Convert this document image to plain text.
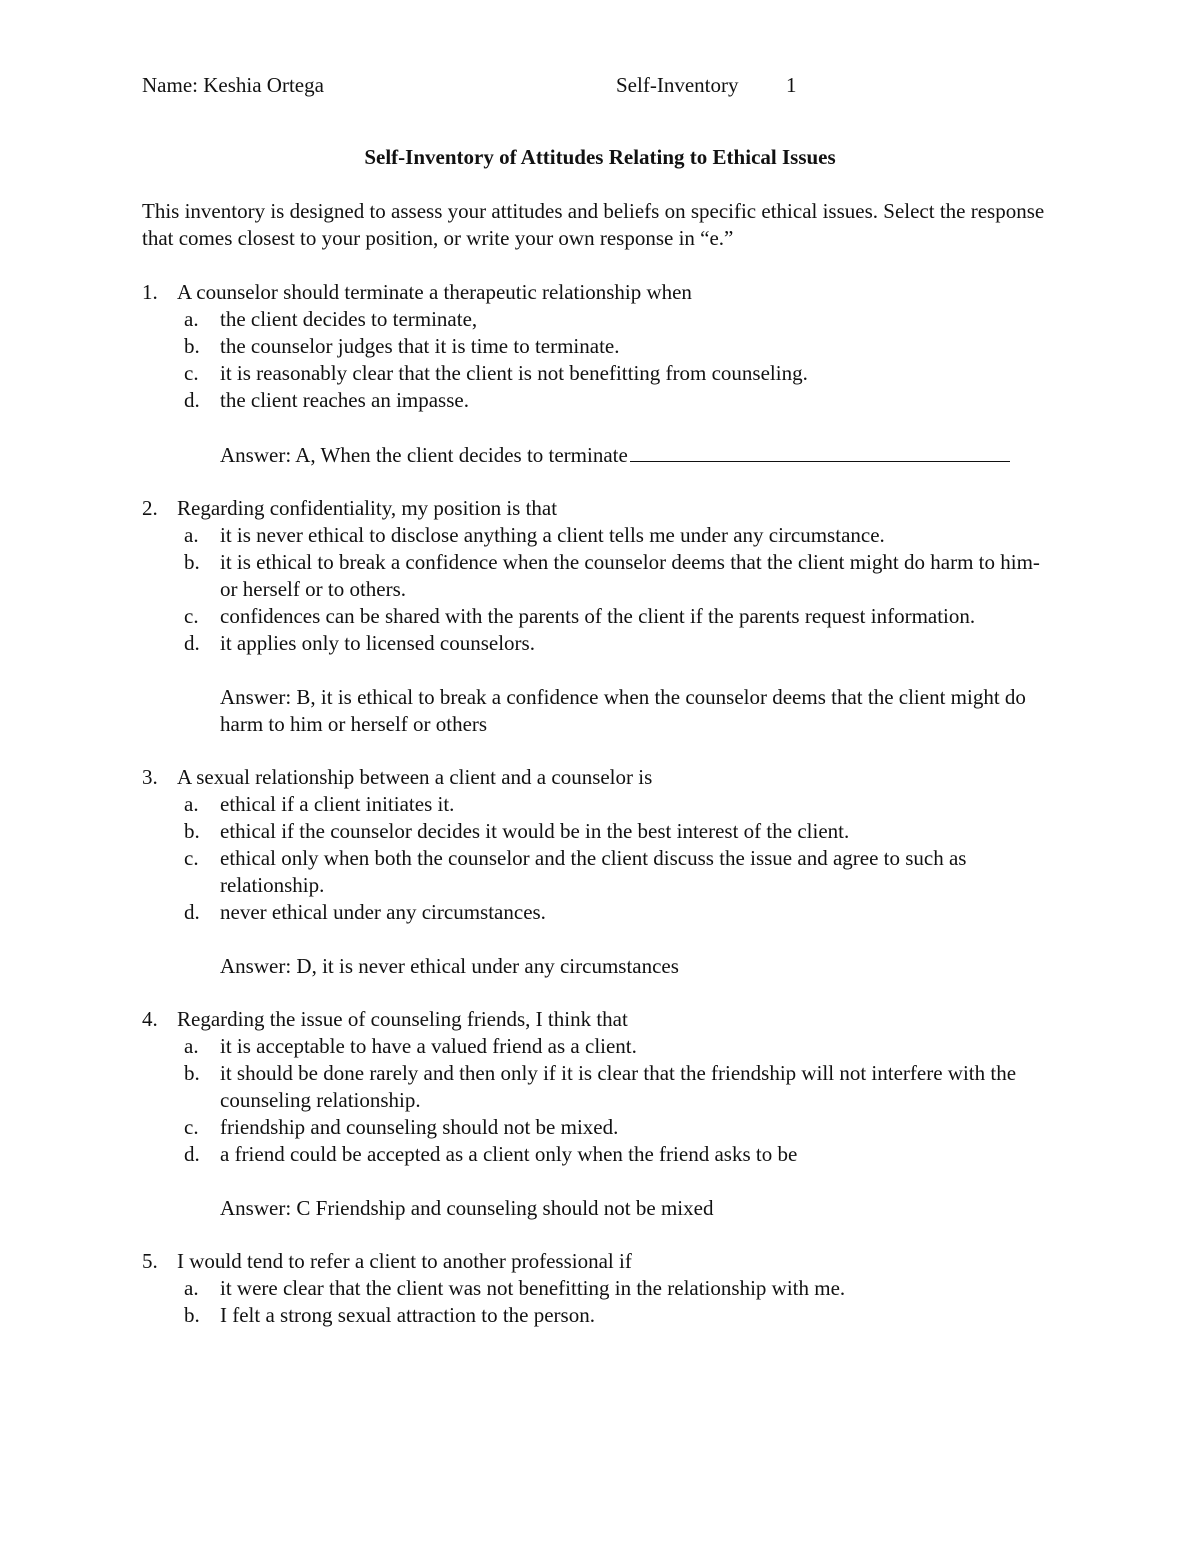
Name: Keshia Ortega	Self-Inventory 1
Self-Inventory of Attitudes Relating to Ethical Issues
This inventory is designed to assess your attitudes and beliefs on specific ethical issues. Select the response that comes closest to your position, or write your own response in “e.”
1. A counselor should terminate a therapeutic relationship when
a.	the client decides to terminate,
b. the counselor judges that it is time to terminate.
c.	it is reasonably clear that the client is not benefitting from counseling.
d. the client reaches an impasse.
Answer: A, When the client decides to terminate
2. Regarding confidentiality, my position is that
a.	it is never ethical to disclose anything a client tells me under any circumstance.
b. it is ethical to break a confidence when the counselor deems that the client might do harm to him- or herself or to others.
c.	confidences can be shared with the parents of the client if the parents request information.
d. it applies only to licensed counselors.
Answer: B, it is ethical to break a confidence when the counselor deems that the client might do harm to him or herself or others
3. A sexual relationship between a client and a counselor is
a.	ethical if a client initiates it.
b. ethical if the counselor decides it would be in the best interest of the client.
c.	ethical only when both the counselor and the client discuss the issue and agree to such as relationship.
d. never ethical under any circumstances.
Answer: D, it is never ethical under any circumstances
4. Regarding the issue of counseling friends, I think that
a.	it is acceptable to have a valued friend as a client.
b. it should be done rarely and then only if it is clear that the friendship will not interfere with the counseling relationship.
c.	friendship and counseling should not be mixed.
d. a friend could be accepted as a client only when the friend asks to be
Answer: C Friendship and counseling should not be mixed
5. I would tend to refer a client to another professional if
a.	it were clear that the client was not benefitting in the relationship with me.
b. I felt a strong sexual attraction to the person.
